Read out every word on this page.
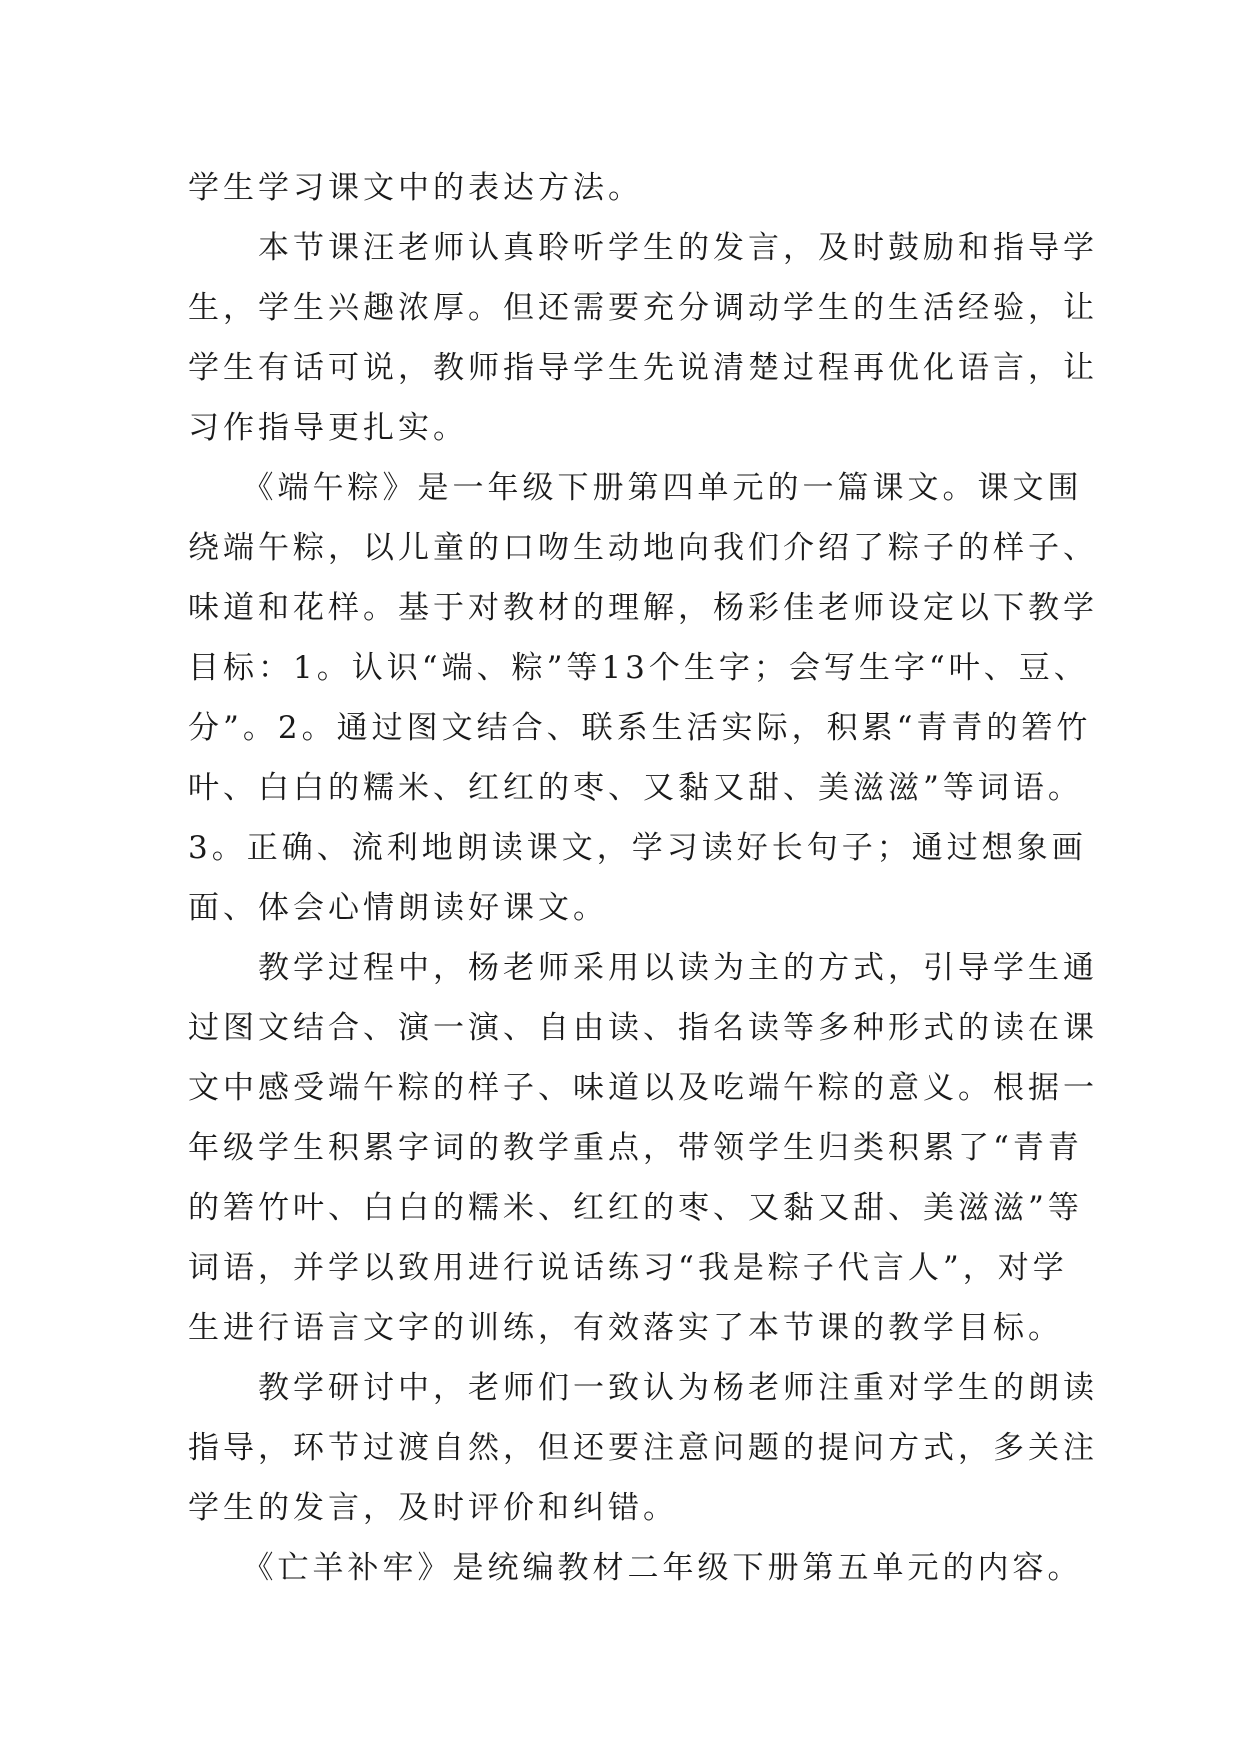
学生学习课文中的表达方法。
　　本节课汪老师认真聆听学生的发言，及时鼓励和指导学
生，学生兴趣浓厚。但还需要充分调动学生的生活经验，让
学生有话可说，教师指导学生先说清楚过程再优化语言，让
习作指导更扎实。
　　《端午粽》是一年级下册第四单元的一篇课文。课文围
绕端午粽，以儿童的口吻生动地向我们介绍了粽子的样子、
味道和花样。基于对教材的理解，杨彩佳老师设定以下教学
目标：1。认识“端、粽”等13个生字；会写生字“叶、豆、
分”。2。通过图文结合、联系生活实际，积累“青青的箬竹
叶、白白的糯米、红红的枣、又黏又甜、美滋滋”等词语。
3。正确、流利地朗读课文，学习读好长句子；通过想象画
面、体会心情朗读好课文。
　　教学过程中，杨老师采用以读为主的方式，引导学生通
过图文结合、演一演、自由读、指名读等多种形式的读在课
文中感受端午粽的样子、味道以及吃端午粽的意义。根据一
年级学生积累字词的教学重点，带领学生归类积累了“青青
的箬竹叶、白白的糯米、红红的枣、又黏又甜、美滋滋”等
词语，并学以致用进行说话练习“我是粽子代言人”，对学
生进行语言文字的训练，有效落实了本节课的教学目标。
　　教学研讨中，老师们一致认为杨老师注重对学生的朗读
指导，环节过渡自然，但还要注意问题的提问方式，多关注
学生的发言，及时评价和纠错。
　　《亡羊补牢》是统编教材二年级下册第五单元的内容。
